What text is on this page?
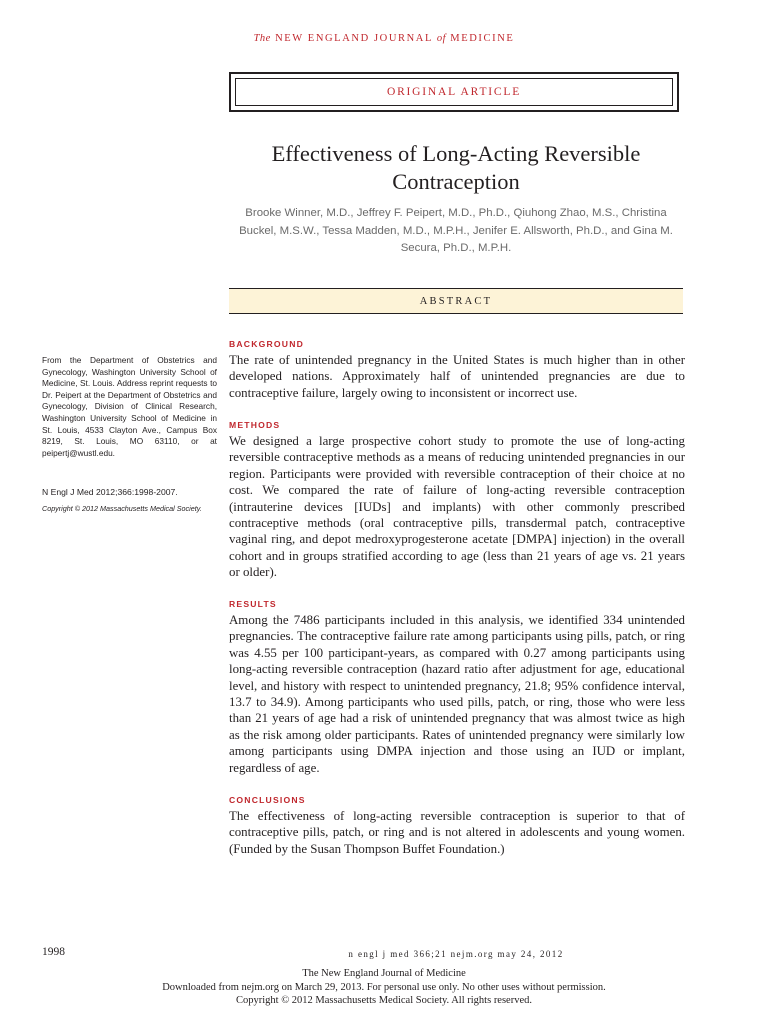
The NEW ENGLAND JOURNAL of MEDICINE
ORIGINAL ARTICLE
Effectiveness of Long-Acting Reversible Contraception
Brooke Winner, M.D., Jeffrey F. Peipert, M.D., Ph.D., Qiuhong Zhao, M.S., Christina Buckel, M.S.W., Tessa Madden, M.D., M.P.H., Jenifer E. Allsworth, Ph.D., and Gina M. Secura, Ph.D., M.P.H.
ABSTRACT
BACKGROUND
The rate of unintended pregnancy in the United States is much higher than in other developed nations. Approximately half of unintended pregnancies are due to contraceptive failure, largely owing to inconsistent or incorrect use.
METHODS
We designed a large prospective cohort study to promote the use of long-acting reversible contraceptive methods as a means of reducing unintended pregnancies in our region. Participants were provided with reversible contraception of their choice at no cost. We compared the rate of failure of long-acting reversible contraception (intrauterine devices [IUDs] and implants) with other commonly prescribed contraceptive methods (oral contraceptive pills, transdermal patch, contraceptive vaginal ring, and depot medroxyprogesterone acetate [DMPA] injection) in the overall cohort and in groups stratified according to age (less than 21 years of age vs. 21 years or older).
RESULTS
Among the 7486 participants included in this analysis, we identified 334 unintended pregnancies. The contraceptive failure rate among participants using pills, patch, or ring was 4.55 per 100 participant-years, as compared with 0.27 among participants using long-acting reversible contraception (hazard ratio after adjustment for age, educational level, and history with respect to unintended pregnancy, 21.8; 95% confidence interval, 13.7 to 34.9). Among participants who used pills, patch, or ring, those who were less than 21 years of age had a risk of unintended pregnancy that was almost twice as high as the risk among older participants. Rates of unintended pregnancy were similarly low among participants using DMPA injection and those using an IUD or implant, regardless of age.
CONCLUSIONS
The effectiveness of long-acting reversible contraception is superior to that of contraceptive pills, patch, or ring and is not altered in adolescents and young women. (Funded by the Susan Thompson Buffet Foundation.)
From the Department of Obstetrics and Gynecology, Washington University School of Medicine, St. Louis. Address reprint requests to Dr. Peipert at the Department of Obstetrics and Gynecology, Division of Clinical Research, Washington University School of Medicine in St. Louis, 4533 Clayton Ave., Campus Box 8219, St. Louis, MO 63110, or at peipertj@wustl.edu.
N Engl J Med 2012;366:1998-2007.
Copyright © 2012 Massachusetts Medical Society.
1998	n engl j med 366;21 nejm.org may 24, 2012
The New England Journal of Medicine
Downloaded from nejm.org on March 29, 2013. For personal use only. No other uses without permission.
Copyright © 2012 Massachusetts Medical Society. All rights reserved.
